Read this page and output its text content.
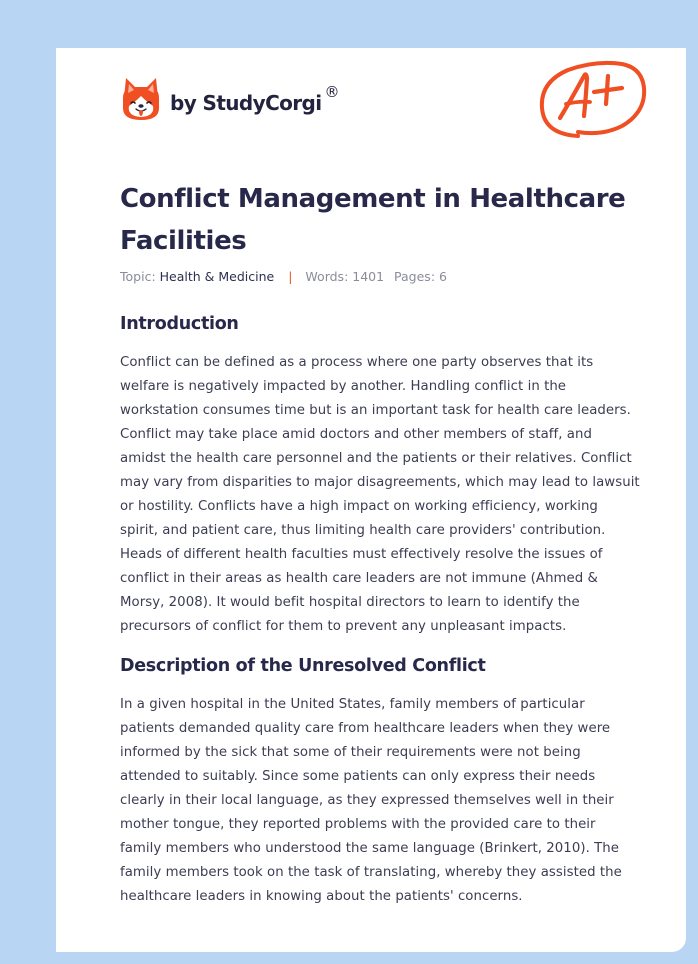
by StudyCorgi ®
Conflict Management in Healthcare Facilities
Topic: Health & Medicine | Words: 1401 Pages: 6
Introduction

Conflict can be defined as a process where one party observes that its welfare is negatively impacted by another. Handling conflict in the workstation consumes time but is an important task for health care leaders. Conflict may take place amid doctors and other members of staff, and amidst the health care personnel and the patients or their relatives. Conflict may vary from disparities to major disagreements, which may lead to lawsuit or hostility. Conflicts have a high impact on working efficiency, working spirit, and patient care, thus limiting health care providers' contribution. Heads of different health faculties must effectively resolve the issues of conflict in their areas as health care leaders are not immune (Ahmed & Morsy, 2008). It would befit hospital directors to learn to identify the precursors of conflict for them to prevent any unpleasant impacts.

Description of the Unresolved Conflict

In a given hospital in the United States, family members of particular patients demanded quality care from healthcare leaders when they were informed by the sick that some of their requirements were not being attended to suitably. Since some patients can only express their needs clearly in their local language, as they expressed themselves well in their mother tongue, they reported problems with the provided care to their family members who understood the same language (Brinkert, 2010). The family members took on the task of translating, whereby they assisted the healthcare leaders in knowing about the patients' concerns.
